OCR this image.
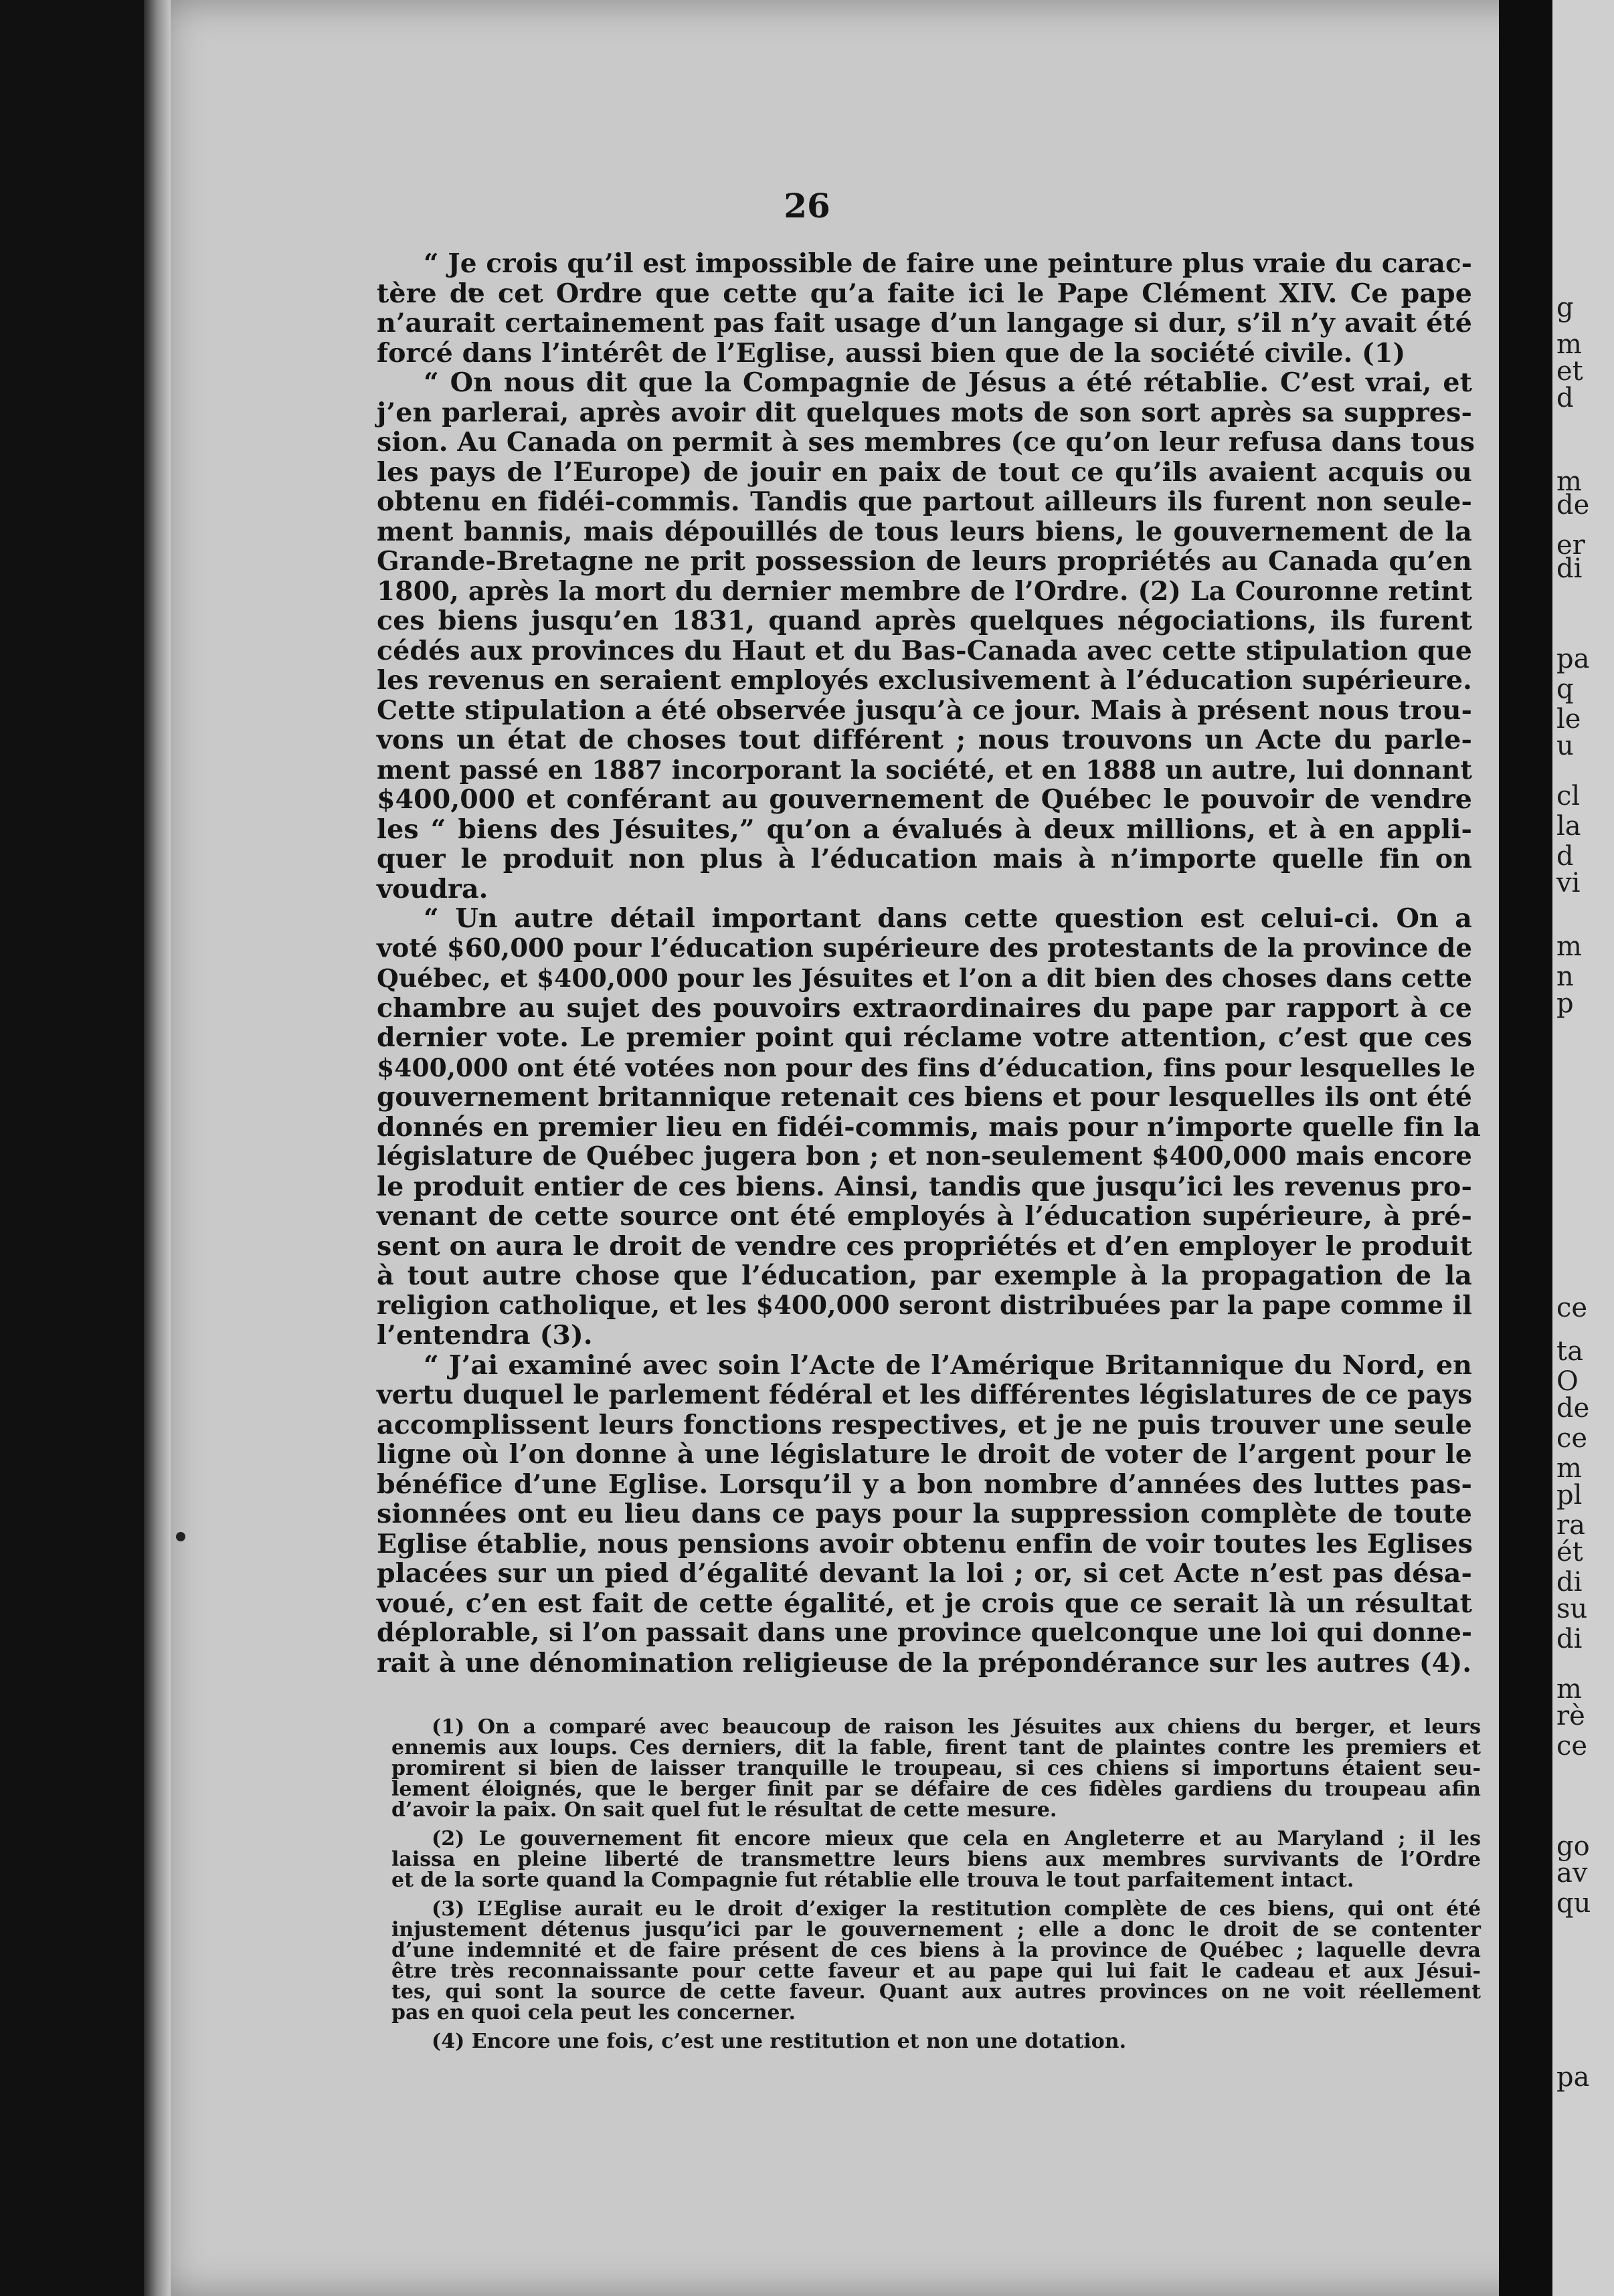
g
m
et
d
m
de
er
di
pa
q
le
u
cl
la
d
vi
m
n
p
ce
ta
O
de
ce
m
pl
ra
ét
di
su
di
m
rè
ce
go
av
qu
pa
26

“ Je crois qu’il est impossible de faire une peinture plus vraie du carac-
tère de cet Ordre que cette qu’a faite ici le Pape Clément XIV. Ce pape
n’aurait certainement pas fait usage d’un langage si dur, s’il n’y avait été
forcé dans l’intérêt de l’Eglise, aussi bien que de la société civile. (1)

“ On nous dit que la Compagnie de Jésus a été rétablie. C’est vrai, et
j’en parlerai, après avoir dit quelques mots de son sort après sa suppres-
sion. Au Canada on permit à ses membres (ce qu’on leur refusa dans tous
les pays de l’Europe) de jouir en paix de tout ce qu’ils avaient acquis ou
obtenu en fidéi-commis. Tandis que partout ailleurs ils furent non seule-
ment bannis, mais dépouillés de tous leurs biens, le gouvernement de la
Grande-Bretagne ne prit possession de leurs propriétés au Canada qu’en
1800, après la mort du dernier membre de l’Ordre. (2) La Couronne retint
ces biens jusqu’en 1831, quand après quelques négociations, ils furent
cédés aux provinces du Haut et du Bas-Canada avec cette stipulation que
les revenus en seraient employés exclusivement à l’éducation supérieure.
Cette stipulation a été observée jusqu’à ce jour. Mais à présent nous trou-
vons un état de choses tout différent ; nous trouvons un Acte du parle-
ment passé en 1887 incorporant la société, et en 1888 un autre, lui donnant
$400,000 et conférant au gouvernement de Québec le pouvoir de vendre
les “ biens des Jésuites,” qu’on a évalués à deux millions, et à en appli-
quer le produit non plus à l’éducation mais à n’importe quelle fin on
voudra.

“ Un autre détail important dans cette question est celui-ci. On a
voté $60,000 pour l’éducation supérieure des protestants de la province de
Québec, et $400,000 pour les Jésuites et l’on a dit bien des choses dans cette
chambre au sujet des pouvoirs extraordinaires du pape par rapport à ce
dernier vote. Le premier point qui réclame votre attention, c’est que ces
$400,000 ont été votées non pour des fins d’éducation, fins pour lesquelles le
gouvernement britannique retenait ces biens et pour lesquelles ils ont été
donnés en premier lieu en fidéi-commis, mais pour n’importe quelle fin la
législature de Québec jugera bon ; et non-seulement $400,000 mais encore
le produit entier de ces biens. Ainsi, tandis que jusqu’ici les revenus pro-
venant de cette source ont été employés à l’éducation supérieure, à pré-
sent on aura le droit de vendre ces propriétés et d’en employer le produit
à tout autre chose que l’éducation, par exemple à la propagation de la
religion catholique, et les $400,000 seront distribuées par la pape comme il
l’entendra (3).

“ J’ai examiné avec soin l’Acte de l’Amérique Britannique du Nord, en
vertu duquel le parlement fédéral et les différentes législatures de ce pays
accomplissent leurs fonctions respectives, et je ne puis trouver une seule
ligne où l’on donne à une législature le droit de voter de l’argent pour le
bénéfice d’une Eglise. Lorsqu’il y a bon nombre d’années des luttes pas-
sionnées ont eu lieu dans ce pays pour la suppression complète de toute
Eglise établie, nous pensions avoir obtenu enfin de voir toutes les Eglises
placées sur un pied d’égalité devant la loi ; or, si cet Acte n’est pas désa-
voué, c’en est fait de cette égalité, et je crois que ce serait là un résultat
déplorable, si l’on passait dans une province quelconque une loi qui donne-
rait à une dénomination religieuse de la prépondérance sur les autres (4).

(1) On a comparé avec beaucoup de raison les Jésuites aux chiens du berger, et leurs
ennemis aux loups. Ces derniers, dit la fable, firent tant de plaintes contre les premiers et
promirent si bien de laisser tranquille le troupeau, si ces chiens si importuns étaient seu-
lement éloignés, que le berger finit par se défaire de ces fidèles gardiens du troupeau afin
d’avoir la paix. On sait quel fut le résultat de cette mesure.

(2) Le gouvernement fit encore mieux que cela en Angleterre et au Maryland ; il les
laissa en pleine liberté de transmettre leurs biens aux membres survivants de l’Ordre
et de la sorte quand la Compagnie fut rétablie elle trouva le tout parfaitement intact.

(3) L’Eglise aurait eu le droit d’exiger la restitution complète de ces biens, qui ont été
injustement détenus jusqu’ici par le gouvernement ; elle a donc le droit de se contenter
d’une indemnité et de faire présent de ces biens à la province de Québec ; laquelle devra
être très reconnaissante pour cette faveur et au pape qui lui fait le cadeau et aux Jésui-
tes, qui sont la source de cette faveur. Quant aux autres provinces on ne voit réellement
pas en quoi cela peut les concerner.

(4) Encore une fois, c’est une restitution et non une dotation.
